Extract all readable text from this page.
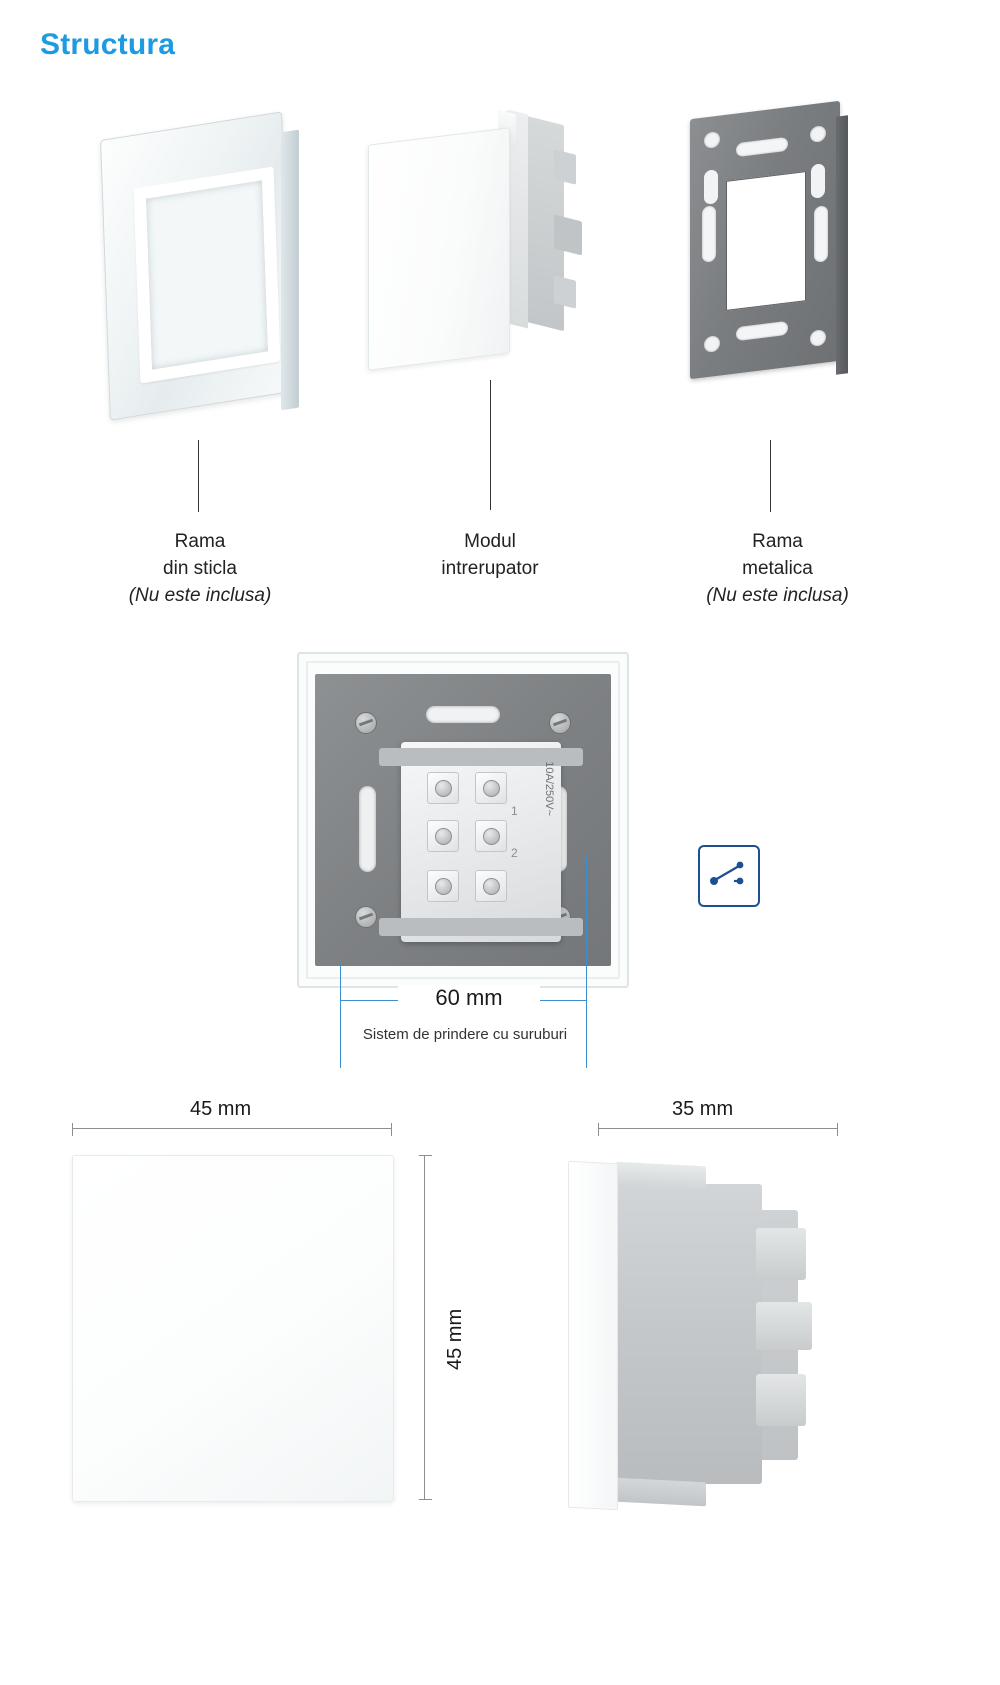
Structura
Rama
din sticla
(Nu este inclusa)
Modul
intrerupator
Rama
metalica
(Nu este inclusa)
1
2
10A/250V~
60 mm
Sistem de prindere cu suruburi
45 mm
45 mm
35 mm
